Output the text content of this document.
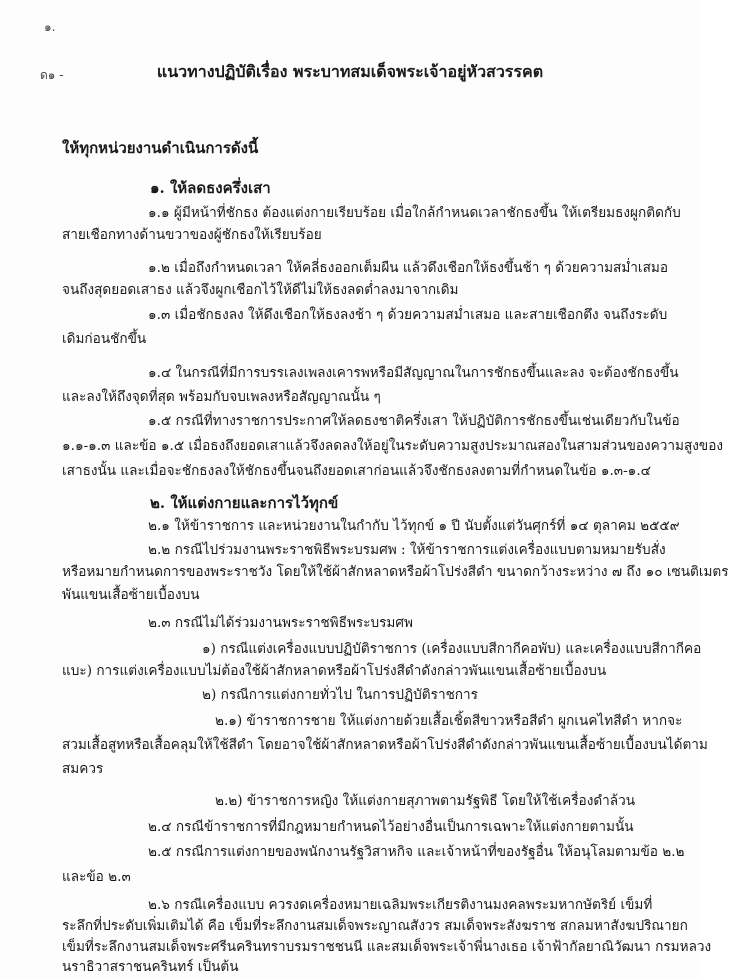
๑.
ด๑ -	แนวทางปฏิบัติเรื่อง พระบาทสมเด็จพระเจ้าอยู่หัวสวรรคต
ให้ทุกหน่วยงานดำเนินการดังนี้
๑. ให้ลดธงครึ่งเสา
๑.๑ ผู้มีหน้าที่ชักธง ต้องแต่งกายเรียบร้อย เมื่อใกล้กำหนดเวลาชักธงขึ้น ให้เตรียมธงผูกติดกับ
สายเชือกทางด้านขวาของผู้ชักธงให้เรียบร้อย
๑.๒ เมื่อถึงกำหนดเวลา ให้คลี่ธงออกเต็มผืน แล้วดึงเชือกให้ธงขึ้นช้า ๆ ด้วยความสม่ำเสมอ
จนถึงสุดยอดเสาธง แล้วจึงผูกเชือกไว้ให้ดีไม่ให้ธงลดต่ำลงมาจากเดิม
๑.๓ เมื่อชักธงลง ให้ดึงเชือกให้ธงลงช้า ๆ ด้วยความสม่ำเสมอ และสายเชือกตึง จนถึงระดับ
เดิมก่อนชักขึ้น
๑.๔ ในกรณีที่มีการบรรเลงเพลงเคารพหรือมีสัญญาณในการชักธงขึ้นและลง จะต้องชักธงขึ้น
และลงให้ถึงจุดที่สุด พร้อมกับจบเพลงหรือสัญญาณนั้น ๆ
๑.๕ กรณีที่ทางราชการประกาศให้ลดธงชาติครึ่งเสา ให้ปฏิบัติการชักธงขึ้นเช่นเดียวกับในข้อ
๑.๑-๑.๓ และข้อ ๑.๕ เมื่อธงถึงยอดเสาแล้วจึงลดลงให้อยู่ในระดับความสูงประมาณสองในสามส่วนของความสูงของ
เสาธงนั้น และเมื่อจะชักธงลงให้ชักธงขึ้นจนถึงยอดเสาก่อนแล้วจึงชักธงลงตามที่กำหนดในข้อ ๑.๓-๑.๔
๒. ให้แต่งกายและการไว้ทุกข์
๒.๑ ให้ข้าราชการ และหน่วยงานในกำกับ ไว้ทุกข์ ๑ ปี นับตั้งแต่วันศุกร์ที่ ๑๔ ตุลาคม ๒๕๕๙
๒.๒ กรณีไปร่วมงานพระราชพิธีพระบรมศพ : ให้ข้าราชการแต่งเครื่องแบบตามหมายรับสั่ง
หรือหมายกำหนดการของพระราชวัง โดยให้ใช้ผ้าสักหลาดหรือผ้าโปร่งสีดำ ขนาดกว้างระหว่าง ๗ ถึง ๑๐ เซนติเมตร
พันแขนเสื้อซ้ายเบื้องบน
๒.๓ กรณีไม่ได้ร่วมงานพระราชพิธีพระบรมศพ
๑) กรณีแต่งเครื่องแบบปฏิบัติราชการ (เครื่องแบบสีกากีคอพับ) และเครื่องแบบสีกากีคอ
แบะ) การแต่งเครื่องแบบไม่ต้องใช้ผ้าสักหลาดหรือผ้าโปร่งสีดำดังกล่าวพันแขนเสื้อซ้ายเบื้องบน
๒) กรณีการแต่งกายทั่วไป ในการปฏิบัติราชการ
๒.๑) ข้าราชการชาย ให้แต่งกายด้วยเสื้อเชิ้ตสีขาวหรือสีดำ ผูกเนคไทสีดำ หากจะ
สวมเสื้อสูทหรือเสื้อคลุมให้ใช้สีดำ โดยอาจใช้ผ้าสักหลาดหรือผ้าโปร่งสีดำดังกล่าวพันแขนเสื้อซ้ายเบื้องบนได้ตาม
สมควร
๒.๒) ข้าราชการหญิง ให้แต่งกายสุภาพตามรัฐพิธี โดยให้ใช้เครื่องดำล้วน
๒.๔ กรณีข้าราชการที่มีกฎหมายกำหนดไว้อย่างอื่นเป็นการเฉพาะให้แต่งกายตามนั้น
๒.๕ กรณีการแต่งกายของพนักงานรัฐวิสาหกิจ และเจ้าหน้าที่ของรัฐอื่น ให้อนุโลมตามข้อ ๒.๒
และข้อ ๒.๓
๒.๖ กรณีเครื่องแบบ ควรงดเครื่องหมายเฉลิมพระเกียรติงานมงคลพระมหากษัตริย์ เข็มที่
ระลึกที่ประดับเพิ่มเติมได้ คือ เข็มที่ระลึกงานสมเด็จพระญาณสังวร สมเด็จพระสังฆราช สกลมหาสังฆปริณายก
เข็มที่ระลึกงานสมเด็จพระศรีนครินทราบรมราชชนนี และสมเด็จพระเจ้าพี่นางเธอ เจ้าฟ้ากัลยาณิวัฒนา กรมหลวง
นราธิวาสราชนครินทร์ เป็นต้น
